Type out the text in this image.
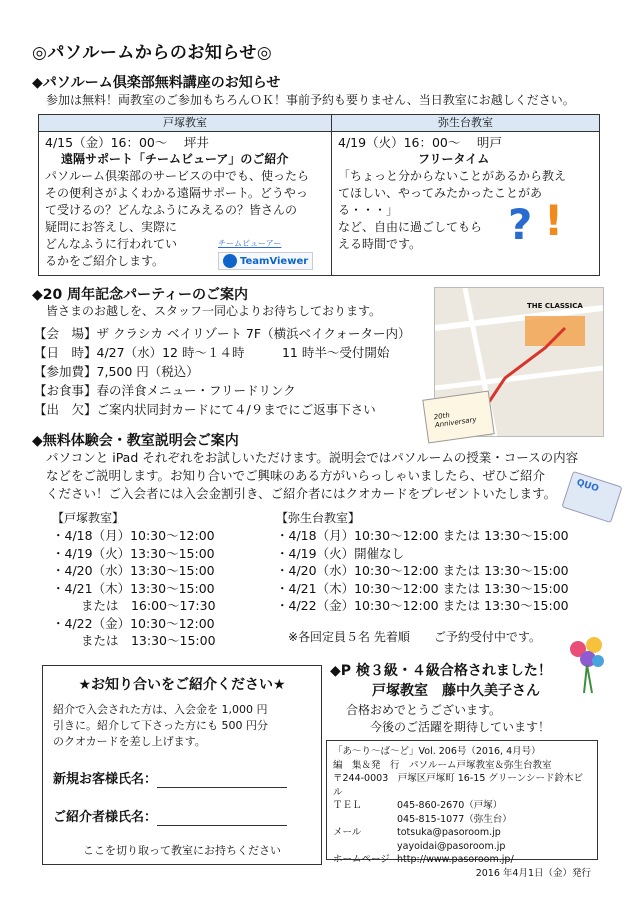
◎パソルームからのお知らせ◎
◆パソルーム倶楽部無料講座のお知らせ
参加は無料！両教室のご参加もちろんＯＫ！事前予約も要りません、当日教室にお越しください。
戸塚教室
4/15（金）16：00～　 坪井
遠隔サポート「チームビューア」のご紹介
パソルーム倶楽部のサービスの中でも、使ったら
その便利さがよくわかる遠隔サポート。どうやっ
て受けるの？どんなふうにみえるの？皆さんの
疑問にお答えし、実際に
どんなふうに行われてい
るかをご紹介します。
弥生台教室
4/19（火）16：00～　 明戸
フリータイム
「ちょっと分からないことがあるから教え
てほしい、やってみたかったことがある・・・」
など、自由に過ごしてもら
える時間です。
チームビューアー
TeamViewer
? !
◆20 周年記念パーティーのご案内
皆さまのお越しを、スタッフ一同心よりお待ちしております。
【会　場】ザ クラシカ ベイリゾート 7F（横浜ベイクォーター内）
【日　時】4/27（水）12 時～１４時　　　11 時半～受付開始
【参加費】7,500 円（税込）
【お食事】春の洋食メニュー・フリードリンク
【出　欠】ご案内状同封カードにて４/９までにご返事下さい
THE CLASSICA
20th Anniversary
◆無料体験会・教室説明会ご案内
パソコンと iPad それぞれをお試しいただけます。説明会ではパソルームの授業・コースの内容
などをご説明します。お知り合いでご興味のある方がいらっしゃいましたら、ぜひご紹介
ください！ご入会者には入会金割引き、ご紹介者にはクオカードをプレゼントいたします。	QUO
【戸塚教室】
・4/18（月）10:30～12:00
・4/19（火）13:30～15:00
・4/20（水）13:30～15:00
・4/21（木）13:30～15:00
　　 または　16:00～17:30
・4/22（金）10:30～12:00
　　 または　13:30～15:00
【弥生台教室】
・4/18（月）10:30～12:00 または 13:30～15:00
・4/19（火）開催なし
・4/20（水）10:30～12:00 または 13:30～15:00
・4/21（木）10:30～12:00 または 13:30～15:00
・4/22（金）10:30～12:00 または 13:30～15:00
※各回定員５名 先着順　　ご予約受付中です。
★お知り合いをご紹介ください★
紹介で入会された方は、入会金を 1,000 円
引きに。紹介して下さった方にも 500 円分
のクオカードを差し上げます。
新規お客様氏名：
ご紹介者様氏名：
ここを切り取って教室にお持ちください
◆P 検３級・４級合格されました！
戸塚教室　藤中久美子さん
合格おめでとうございます。
今後のご活躍を期待しています！
「あ～り～ば～ど」Vol. 206号（2016, 4月号）
編　集＆発　行　パソルーム戸塚教室＆弥生台教室
〒244-0003　戸塚区戸塚町 16-15 グリーンシード鈴木ビル
ＴＥＬ	045-860-2670（戸塚）
045-815-1077（弥生台）
メール	totsuka@pasoroom.jp
yayoidai@pasoroom.jp
ホームページ http://www.pasoroom.jp/
2016 年4月1日（金）発行
